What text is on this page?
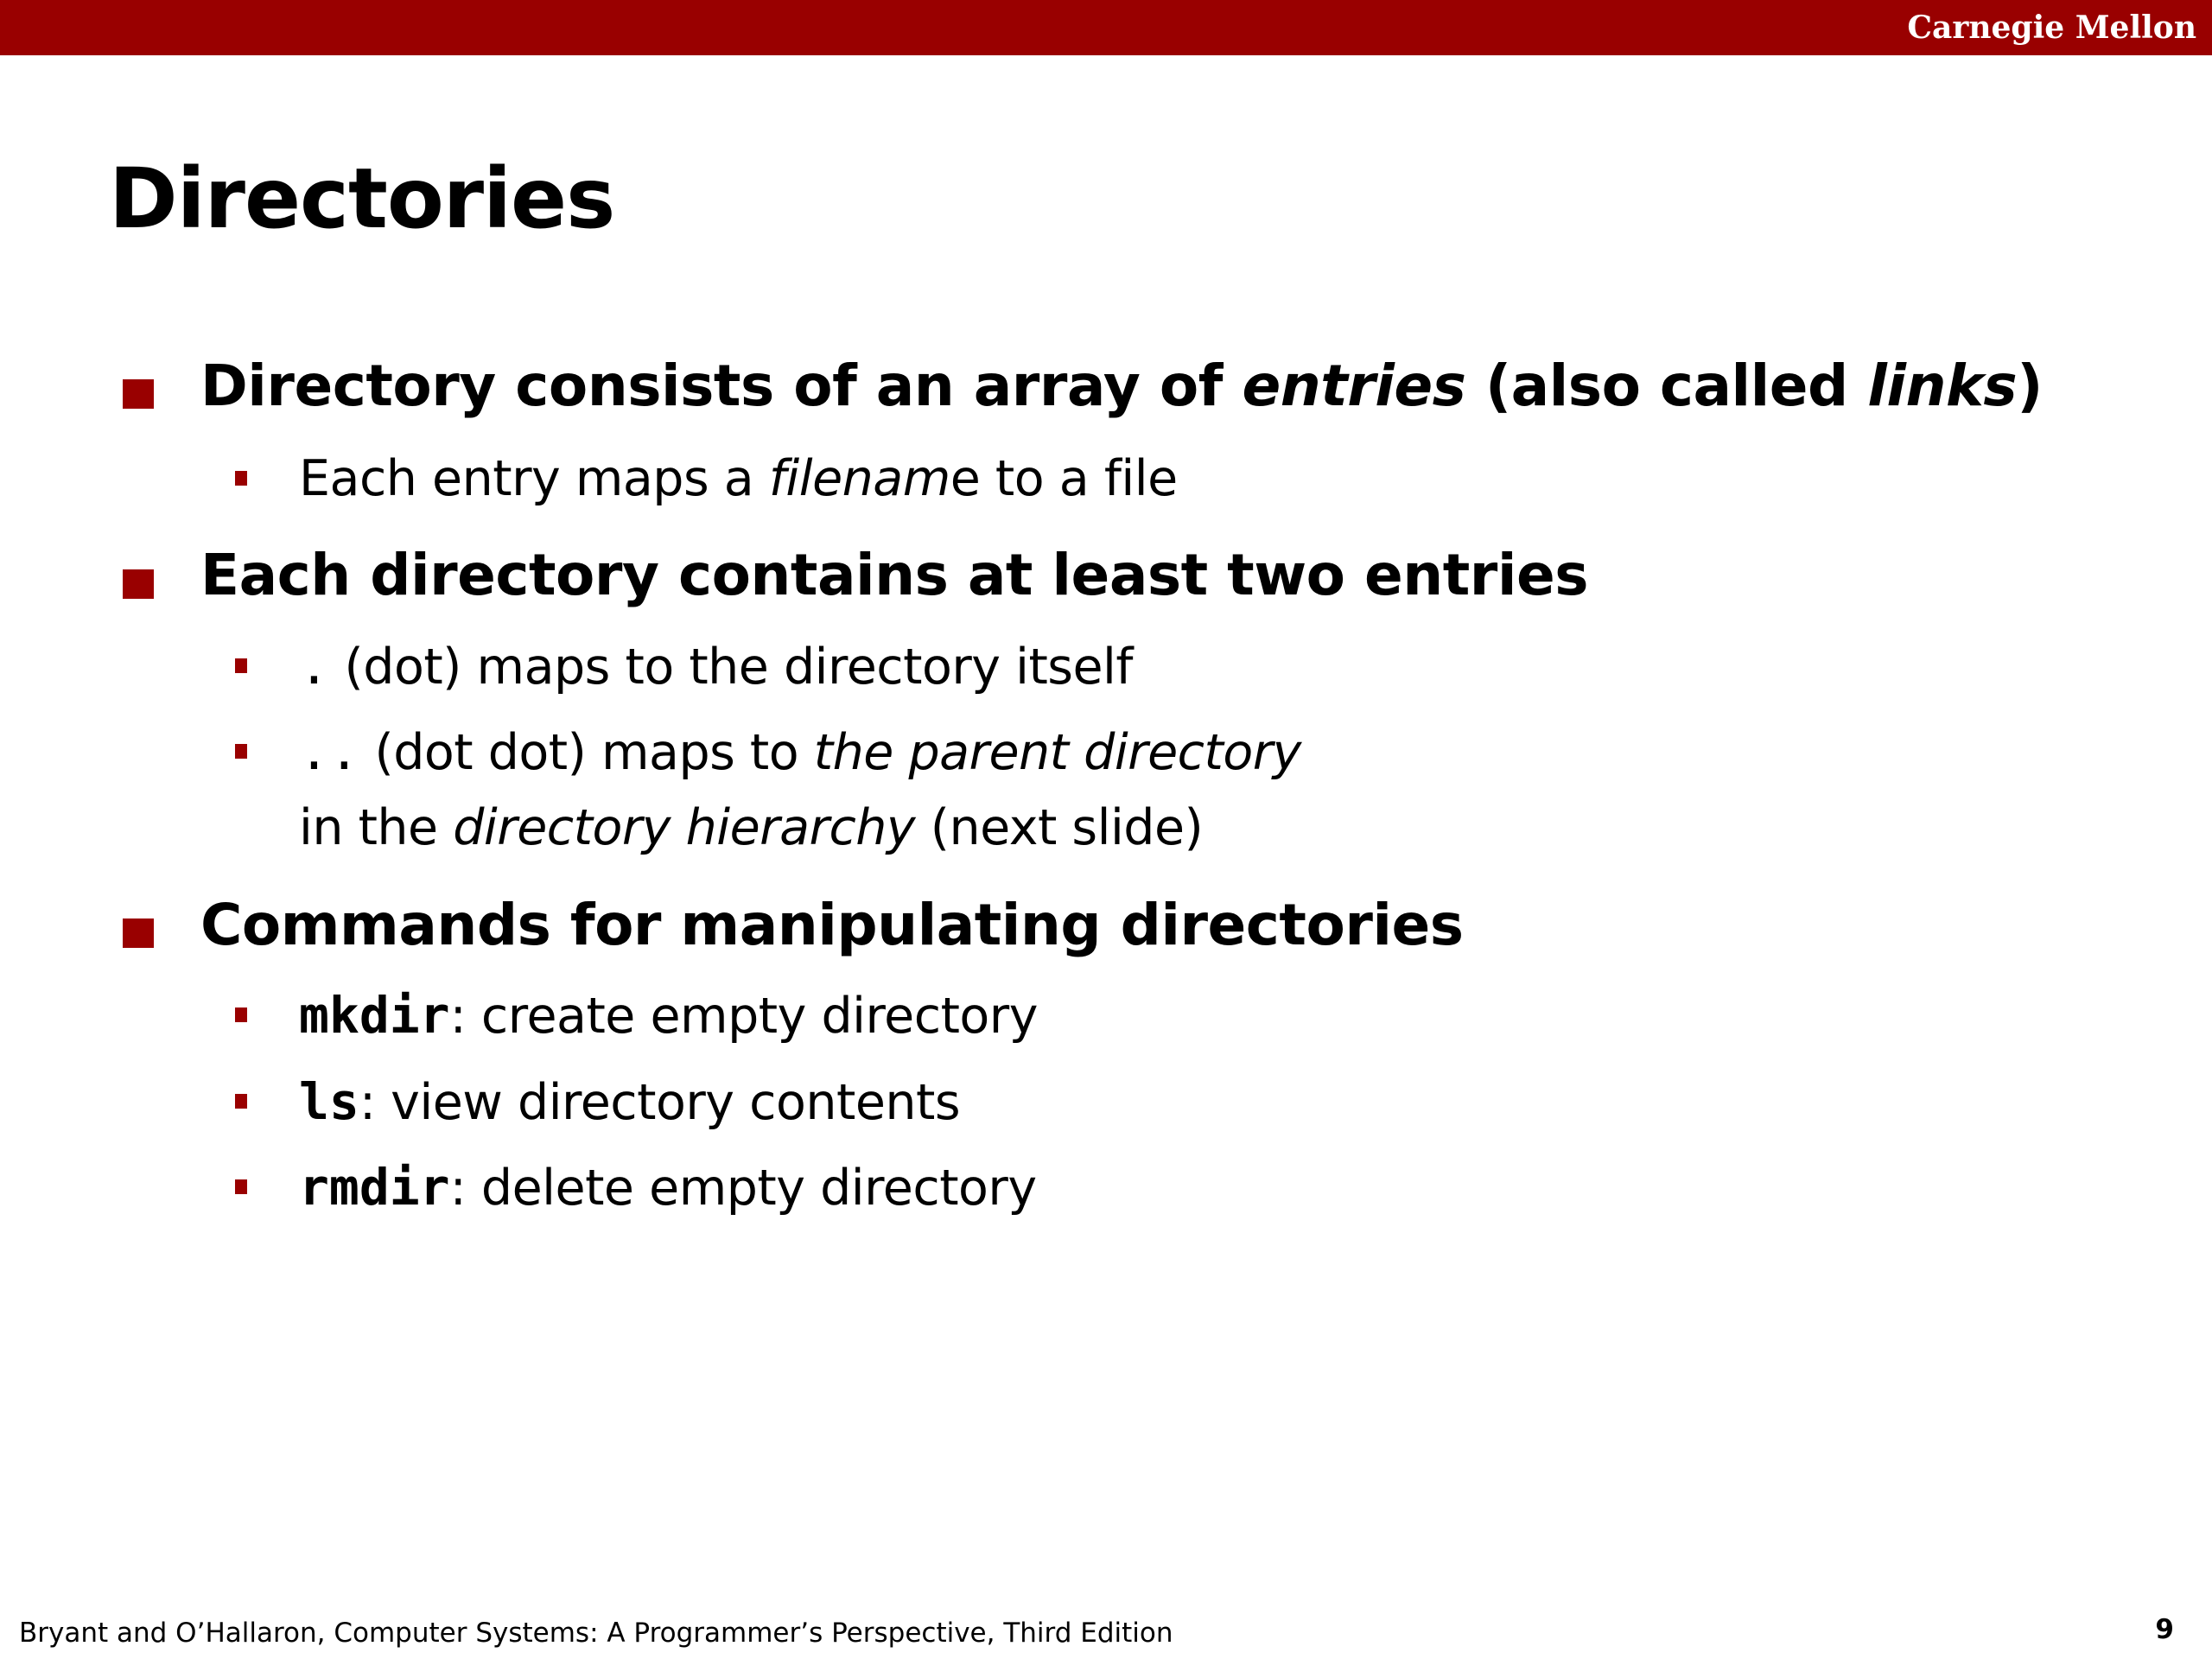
Carnegie Mellon
Directories
Directory consists of an array of entries (also called links)
Each entry maps a filename to a file
Each directory contains at least two entries
. (dot) maps to the directory itself
.. (dot dot) maps to the parent directory
in the directory hierarchy (next slide)
Commands for manipulating directories
mkdir: create empty directory
ls: view directory contents
rmdir: delete empty directory
Bryant and O’Hallaron, Computer Systems: A Programmer’s Perspective, Third Edition	9
